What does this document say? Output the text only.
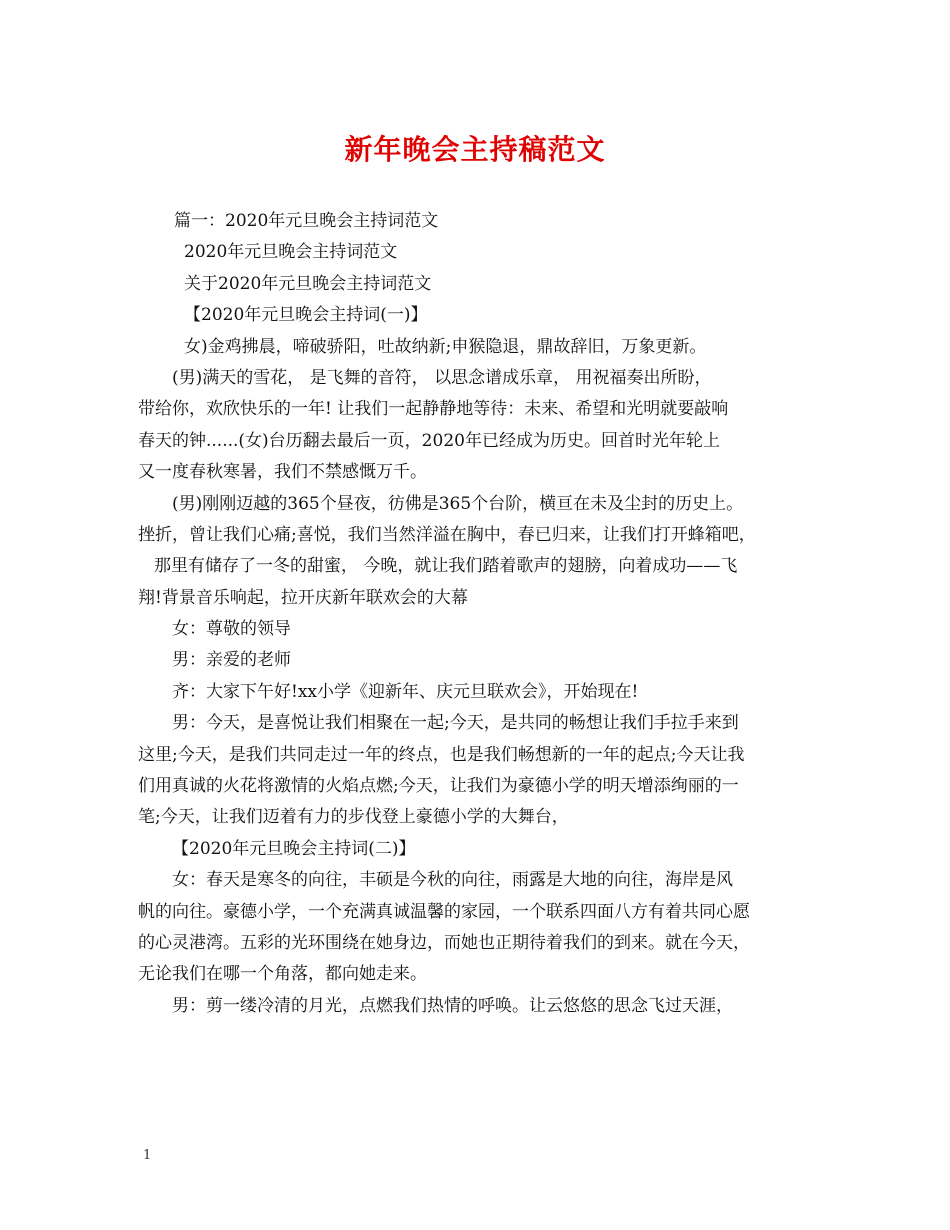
新年晚会主持稿范文
篇一：2020年元旦晚会主持词范文
2020年元旦晚会主持词范文
关于2020年元旦晚会主持词范文
【2020年元旦晚会主持词(一)】
女)金鸡拂晨，啼破骄阳，吐故纳新;申猴隐退，鼎故辞旧，万象更新。
(男)满天的雪花， 是飞舞的音符， 以思念谱成乐章， 用祝福奏出所盼，
带给你，欢欣快乐的一年! 让我们一起静静地等待：未来、希望和光明就要敲响
春天的钟......(女)台历翻去最后一页，2020年已经成为历史。回首时光年轮上
又一度春秋寒暑，我们不禁感慨万千。
(男)刚刚迈越的365个昼夜，彷佛是365个台阶，横亘在未及尘封的历史上。
挫折，曾让我们心痛;喜悦，我们当然洋溢在胸中，春已归来，让我们打开蜂箱吧，
那里有储存了一冬的甜蜜， 今晚，就让我们踏着歌声的翅膀，向着成功——飞
翔!背景音乐响起，拉开庆新年联欢会的大幕
女：尊敬的领导
男：亲爱的老师
齐：大家下午好!xx小学《迎新年、庆元旦联欢会》，开始现在!
男：今天，是喜悦让我们相聚在一起;今天，是共同的畅想让我们手拉手来到
这里;今天，是我们共同走过一年的终点，也是我们畅想新的一年的起点;今天让我
们用真诚的火花将激情的火焰点燃;今天，让我们为豪德小学的明天增添绚丽的一
笔;今天，让我们迈着有力的步伐登上豪德小学的大舞台，
【2020年元旦晚会主持词(二)】
女：春天是寒冬的向往，丰硕是今秋的向往，雨露是大地的向往，海岸是风
帆的向往。豪德小学，一个充满真诚温馨的家园，一个联系四面八方有着共同心愿
的心灵港湾。五彩的光环围绕在她身边，而她也正期待着我们的到来。就在今天，
无论我们在哪一个角落，都向她走来。
男：剪一缕冷清的月光，点燃我们热情的呼唤。让云悠悠的思念飞过天涯，
1
